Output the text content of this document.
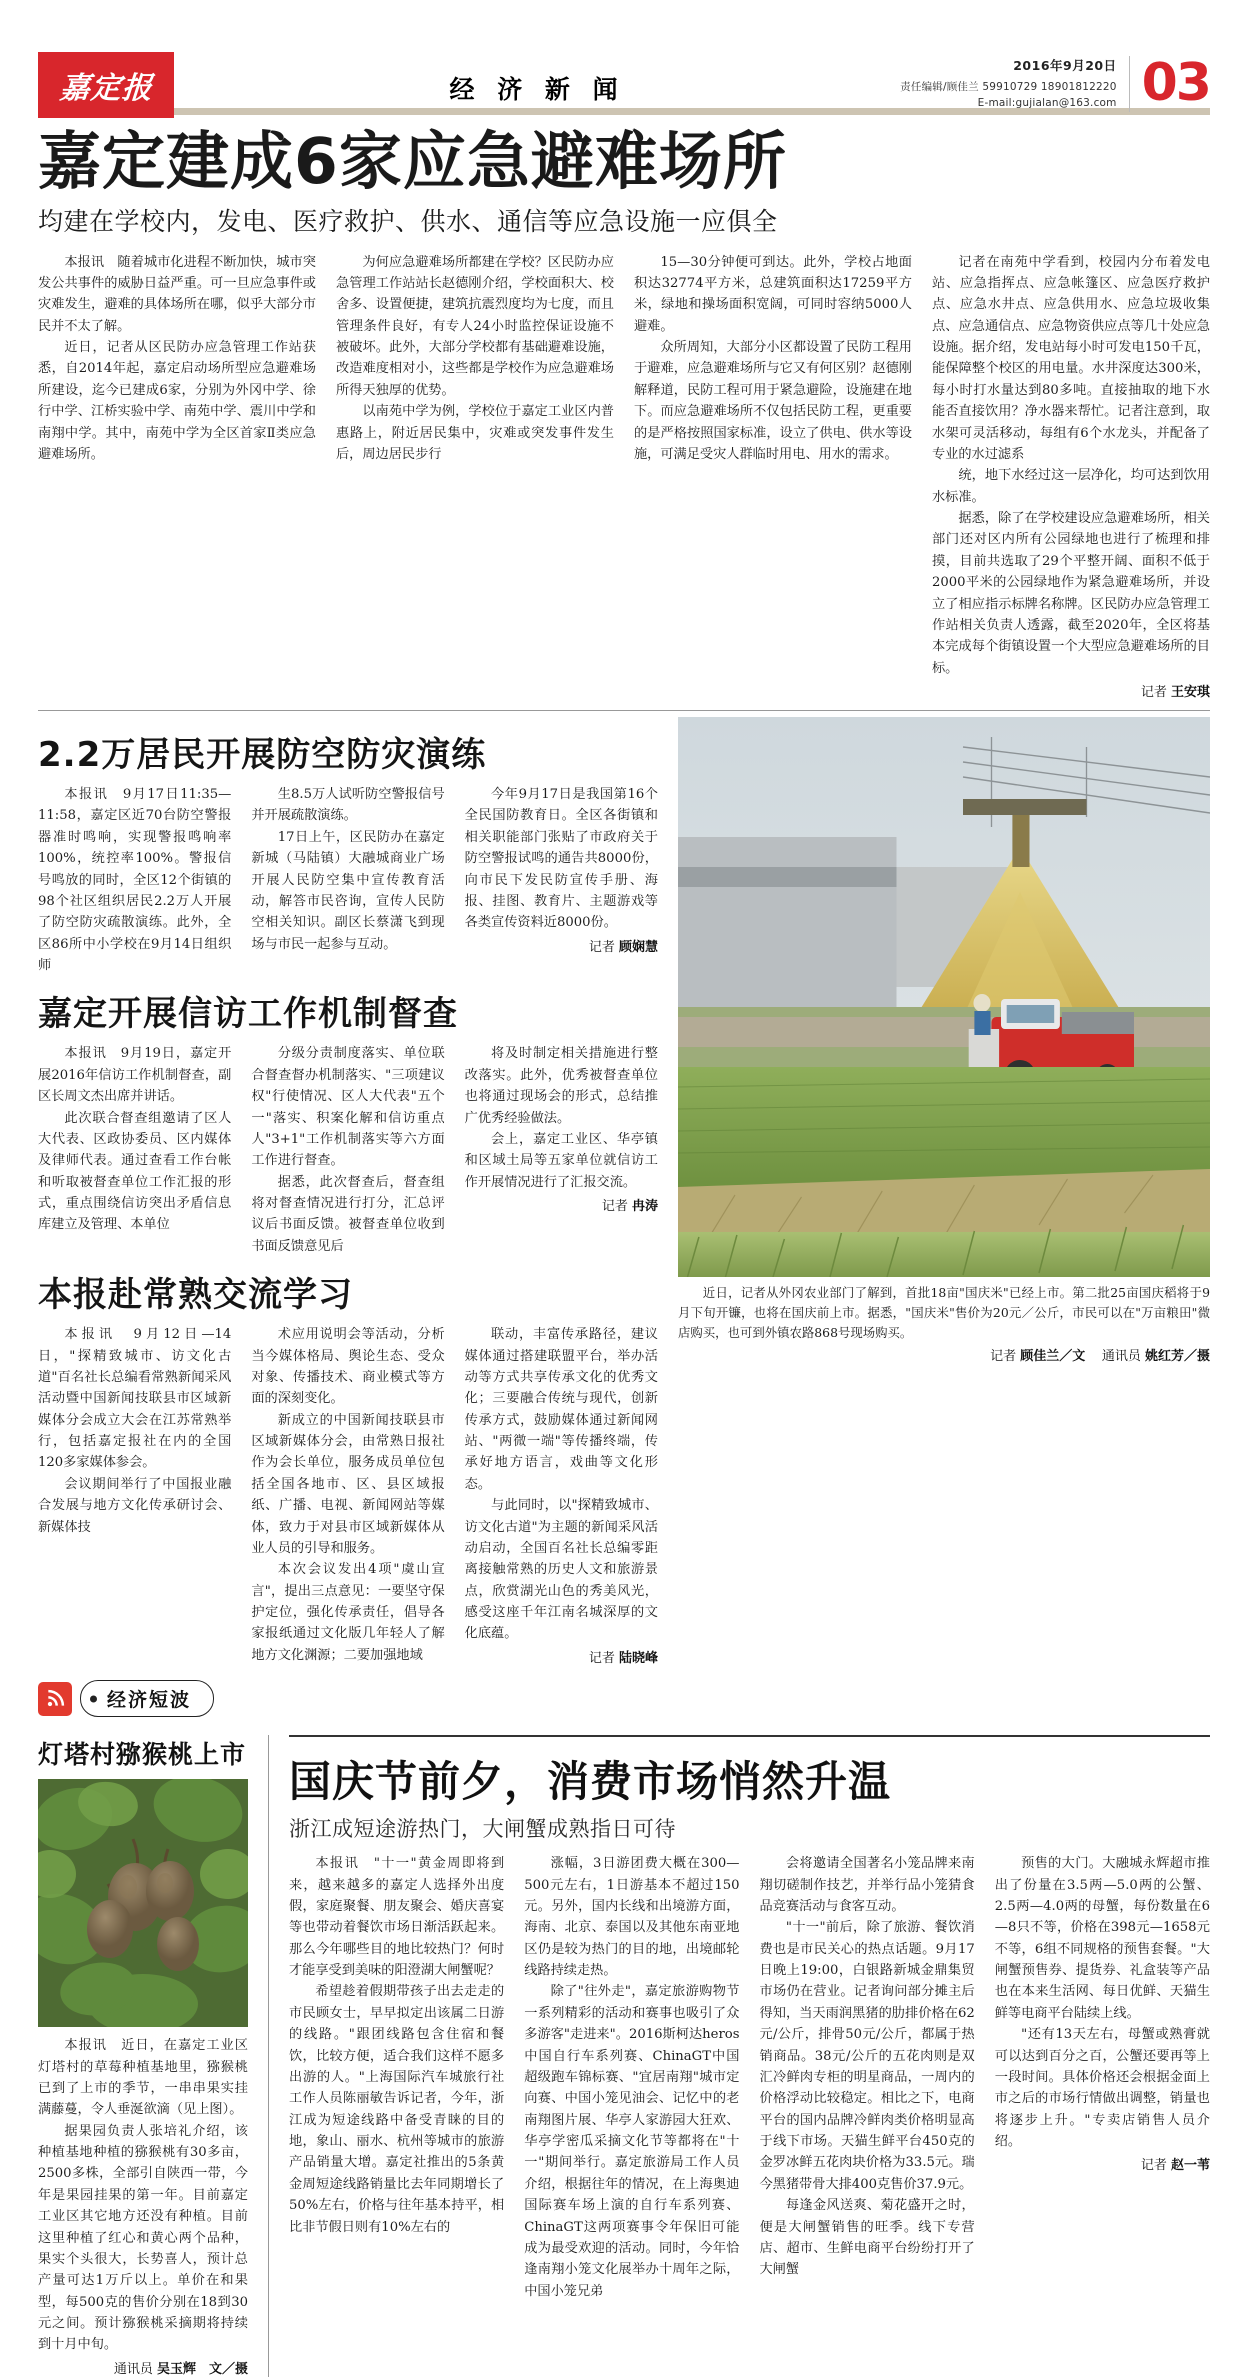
嘉定报	经 济 新 闻
2016年9月20日
责任编辑/顾佳兰 59910729 18901812220
E-mail:gujialan@163.com 03
嘉定建成6家应急避难场所
均建在学校内，发电、医疗救护、供水、通信等应急设施一应俱全

本报讯　随着城市化进程不断加快，城市突发公共事件的威胁日益严重。可一旦应急事件或灾难发生，避难的具体场所在哪，似乎大部分市民并不太了解。

近日，记者从区民防办应急管理工作站获悉，自2014年起，嘉定启动场所型应急避难场所建设，迄今已建成6家，分别为外冈中学、徐行中学、江桥实验中学、南苑中学、震川中学和南翔中学。其中，南苑中学为全区首家Ⅱ类应急避难场所。

为何应急避难场所都建在学校？区民防办应急管理工作站站长赵德刚介绍，学校面积大、校舍多、设置便捷，建筑抗震烈度均为七度，而且管理条件良好，有专人24小时监控保证设施不被破坏。此外，大部分学校都有基础避难设施，改造难度相对小，这些都是学校作为应急避难场所得天独厚的优势。

以南苑中学为例，学校位于嘉定工业区内普惠路上，附近居民集中，灾难或突发事件发生后，周边居民步行

15—30分钟便可到达。此外，学校占地面积达32774平方米，总建筑面积达17259平方米，绿地和操场面积宽阔，可同时容纳5000人避难。

众所周知，大部分小区都设置了民防工程用于避难，应急避难场所与它又有何区别？赵德刚解释道，民防工程可用于紧急避险，设施建在地下。而应急避难场所不仅包括民防工程，更重要的是严格按照国家标准，设立了供电、供水等设施，可满足受灾人群临时用电、用水的需求。

记者在南苑中学看到，校园内分布着发电站、应急指挥点、应急帐篷区、应急医疗救护点、应急水井点、应急供用水、应急垃圾收集点、应急通信点、应急物资供应点等几十处应急设施。据介绍，发电站每小时可发电150千瓦，能保障整个校区的用电量。水井深度达300米，每小时打水量达到80多吨。直接抽取的地下水能否直接饮用？净水器来帮忙。记者注意到，取水架可灵活移动，每组有6个水龙头，并配备了专业的水过滤系

统，地下水经过这一层净化，均可达到饮用水标准。

据悉，除了在学校建设应急避难场所，相关部门还对区内所有公园绿地也进行了梳理和排摸，目前共选取了29个平整开阔、面积不低于2000平米的公园绿地作为紧急避难场所，并设立了相应指示标牌名称牌。区民防办应急管理工作站相关负责人透露，截至2020年，全区将基本完成每个街镇设置一个大型应急避难场所的目标。

记者 王安琪
2.2万居民开展防空防灾演练

本报讯　9月17日11:35—11:58，嘉定区近70台防空警报器准时鸣响，实现警报鸣响率100%，统控率100%。警报信号鸣放的同时，全区12个街镇的98个社区组织居民2.2万人开展了防空防灾疏散演练。此外，全区86所中小学校在9月14日组织师

生8.5万人试听防空警报信号并开展疏散演练。

17日上午，区民防办在嘉定新城（马陆镇）大融城商业广场开展人民防空集中宣传教育活动，解答市民咨询，宣传人民防空相关知识。副区长蔡潇飞到现场与市民一起参与互动。

今年9月17日是我国第16个全民国防教育日。全区各街镇和相关职能部门张贴了市政府关于防空警报试鸣的通告共8000份，向市民下发民防宣传手册、海报、挂图、教育片、主题游戏等各类宣传资料近8000份。

记者 顾娴慧
嘉定开展信访工作机制督查

本报讯　9月19日，嘉定开展2016年信访工作机制督查，副区长周文杰出席并讲话。

此次联合督查组邀请了区人大代表、区政协委员、区内媒体及律师代表。通过查看工作台帐和听取被督查单位工作汇报的形式，重点围绕信访突出矛盾信息库建立及管理、本单位

分级分责制度落实、单位联合督查督办机制落实、"三项建议权"行使情况、区人大代表"五个一"落实、积案化解和信访重点人"3+1"工作机制落实等六方面工作进行督查。

据悉，此次督查后，督查组将对督查情况进行打分，汇总评议后书面反馈。被督查单位收到书面反馈意见后

将及时制定相关措施进行整改落实。此外，优秀被督查单位也将通过现场会的形式，总结推广优秀经验做法。

会上，嘉定工业区、华亭镇和区域土局等五家单位就信访工作开展情况进行了汇报交流。

记者 冉涛
本报赴常熟交流学习

本报讯　9月12日—14日，"探精致城市、访文化古道"百名社长总编看常熟新闻采风活动暨中国新闻技联县市区域新媒体分会成立大会在江苏常熟举行，包括嘉定报社在内的全国120多家媒体参会。

会议期间举行了中国报业融合发展与地方文化传承研讨会、新媒体技

术应用说明会等活动，分析当今媒体格局、舆论生态、受众对象、传播技术、商业模式等方面的深刻变化。

新成立的中国新闻技联县市区域新媒体分会，由常熟日报社作为会长单位，服务成员单位包括全国各地市、区、县区域报纸、广播、电视、新闻网站等媒体，致力于对县市区域新媒体从业人员的引导和服务。

本次会议发出4项"虞山宣言"，提出三点意见：一要坚守保护定位，强化传承责任，倡导各家报纸通过文化版几年轻人了解地方文化渊源；二要加强地域

联动，丰富传承路径，建议媒体通过搭建联盟平台，举办活动等方式共享传承文化的优秀文化；三要融合传统与现代，创新传承方式，鼓励媒体通过新闻网站、"两微一端"等传播终端，传承好地方语言，戏曲等文化形态。

与此同时，以"探精致城市、访文化古道"为主题的新闻采风活动启动，全国百名社长总编零距离接触常熟的历史人文和旅游景点，欣赏湖光山色的秀美风光，感受这座千年江南名城深厚的文化底蕴。

记者 陆晓峰
经济短波

近日，记者从外冈农业部门了解到，首批18亩"国庆米"已经上市。第二批25亩国庆稻将于9月下旬开镰，也将在国庆前上市。据悉，"国庆米"售价为20元／公斤，市民可以在"万亩粮田"微店购买，也可到外镇农路868号现场购买。

记者 顾佳兰／文 通讯员 姚红芳／摄
灯塔村猕猴桃上市

本报讯　近日，在嘉定工业区灯塔村的草莓种植基地里，猕猴桃已到了上市的季节，一串串果实挂满藤蔓，令人垂涎欲滴（见上图）。

据果园负责人张培礼介绍，该种植基地种植的猕猴桃有30多亩，2500多株，全部引自陕西一带，今年是果园挂果的第一年。目前嘉定工业区其它地方还没有种植。目前这里种植了红心和黄心两个品种，果实个头很大，长势喜人，预计总产量可达1万斤以上。单价在和果型，每500克的售价分别在18到30元之间。预计猕猴桃采摘期将持续到十月中旬。

通讯员 吴玉辉　文／摄
国庆节前夕，消费市场悄然升温
浙江成短途游热门，大闸蟹成熟指日可待

本报讯　"十一"黄金周即将到来，越来越多的嘉定人选择外出度假，家庭聚餐、朋友聚会、婚庆喜宴等也带动着餐饮市场日渐活跃起来。那么今年哪些目的地比较热门？何时才能享受到美味的阳澄湖大闸蟹呢？

希望趁着假期带孩子出去走走的市民顾女士，早早拟定出该属二日游的线路。"跟团线路包含住宿和餐饮，比较方便，适合我们这样不愿多出游的人。"上海国际汽车城旅行社工作人员陈丽敏告诉记者，今年，浙江成为短途线路中备受青睐的目的地，象山、丽水、杭州等城市的旅游产品销量大增。嘉定社推出的5条黄金周短途线路销量比去年同期增长了50%左右，价格与往年基本持平，相比非节假日则有10%左右的

涨幅，3日游团费大概在300—500元左右，1日游基本不超过150元。另外，国内长线和出境游方面，海南、北京、泰国以及其他东南亚地区仍是较为热门的目的地，出境邮轮线路持续走热。

除了"往外走"，嘉定旅游购物节一系列精彩的活动和赛事也吸引了众多游客"走进来"。2016斯柯达heros中国自行车系列赛、ChinaGT中国超级跑车锦标赛、"宜居南翔"城市定向赛、中国小笼见油会、记忆中的老南翔图片展、华亭人家游园大狂欢、华亭学密瓜采摘文化节等都将在"十一"期间举行。嘉定旅游局工作人员介绍，根据往年的情况，在上海奥迪国际赛车场上演的自行车系列赛、ChinaGT这两项赛事令年保旧可能成为最受欢迎的活动。同时，今年恰逢南翔小笼文化展举办十周年之际，中国小笼兄弟

会将邀请全国著名小笼品牌来南翔切磋制作技艺，并举行品小笼猜食品竞赛活动与食客互动。

"十一"前后，除了旅游、餐饮消费也是市民关心的热点话题。9月17日晚上19:00，白银路新城金鼎集贸市场仍在营业。记者询问部分摊主后得知，当天雨润黑猪的肋排价格在62元/公斤，排骨50元/公斤，都属于热销商品。38元/公斤的五花肉则是双汇冷鲜肉专柜的明星商品，一周内的价格浮动比较稳定。相比之下，电商平台的国内品牌冷鲜肉类价格明显高于线下市场。天猫生鲜平台450克的金罗冰鲜五花肉块价格为33.5元。瑞今黑猪带骨大排400克售价37.9元。

每逢金风送爽、菊花盛开之时，便是大闸蟹销售的旺季。线下专营店、超市、生鲜电商平台纷纷打开了大闸蟹

预售的大门。大融城永辉超市推出了份量在3.5两—5.0两的公蟹、2.5两—4.0两的母蟹，每份数量在6—8只不等，价格在398元—1658元不等，6组不同规格的预售套餐。"大闸蟹预售券、提货券、礼盒装等产品也在本来生活网、每日优鲜、天猫生鲜等电商平台陆续上线。

"还有13天左右，母蟹或熟膏就可以达到百分之百，公蟹还要再等上一段时间。具体价格还会根据金面上市之后的市场行情做出调整，销量也将逐步上升。"专卖店销售人员介绍。

记者 赵一苇
